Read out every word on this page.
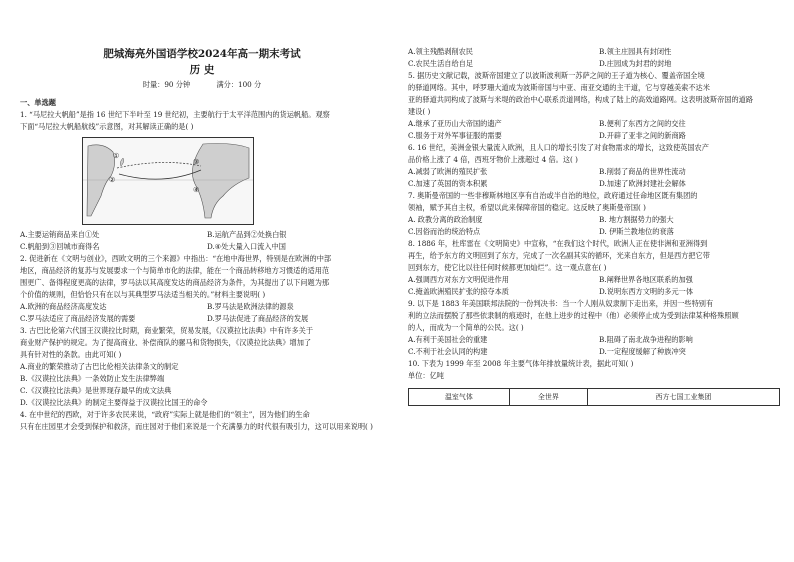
肥城海亮外国语学校2024年高一期末考试

历 史

时量：90 分钟	满分：100 分

一、单选题

1. “马尼拉大帆船”是指 16 世纪下半叶至 19 世纪初，主要航行于太平洋范围内的货运帆船。观察

下面“马尼拉大帆船航线”示意图，对其解读正确的是( )

①
②
③
④

A.主要运销商品来自①处	B.运航产品到②处换白银

C.帆船到③回城市商得名	D.④处大量入口流入中国

2. 促进新在《文明与创业》，西欧文明的三个来源》中指出：“在地中海世界，特别是在欧洲的中部

地区，商品经济的复苏与发展要求一个与简单市化的法律，能在一个商品转移地方习惯适的适用范

围更广、备得程度更高的法律，罗马法以其高度发达的商品经济为条件，为其提出了以下问题为那

个价值的规则，但恰恰只有在以与其典型罗马法适当相关的。”材料主要说明( )

A.欧洲的商品经济高度发达	B.罗马法是欧洲法律的源泉

C.罗马法适应了商品经济发展的需要	D.罗马法促进了商品经济的发展

3. 古巴比伦第六代国王汉谟拉比时期，商业繁荣，贸易发展，《汉谟拉比法典》中有许多关于

商业财产保护的规定。为了提高商业、补偿商队的骡马和货物损失，《汉谟拉比法典》增加了

具有针对性的条款。由此可知( )

A.商业的繁荣推动了古巴比伦相关法律条文的制定

B.《汉谟拉比法典》一条效防止发生法律弊端

C.《汉谟拉比法典》是世界现存最早的成文法典

D.《汉谟拉比法典》的制定主要得益于汉谟拉比国王的命令

4. 在中世纪的西欧，对于许多农民来说，“政府”实际上就是他们的“领主”，因为他们的生命

只有在庄园里才会受到保护和救济，而庄园对于他们来说是一个充满暴力的时代很有吸引力，这可以用来说明( )

A.领主残酷剥削农民	B.领主庄园具有封闭性

C.农民生活自给自足	D.庄园成为封君的封地

5. 据历史文献记载，波斯帝国建立了以波斯波利斯一苏萨之间的王子道为核心、覆盖帝国全境

的驿道网络。其中，呼罗珊大道成为波斯帝国与中亚、南亚交通的主干道，它与穿越美索不达米

亚的驿道共同构成了波斯与米堤的政治中心联系贡道网络，构成了陆上的高效道路网。这表明波斯帝国的道路

建设( )

A.继承了亚历山大帝国的遗产	B.便利了东西方之间的交往

C.服务于对外军事征服的需要	D.开辟了亚非之间的新商路

6. 16 世纪，美洲金银大量流入欧洲，且人口的增长引发了对食物需求的增长，这致使英国农产

品价格上涨了 4 倍，西班牙物价上涨超过 4 倍。这( )

A.减弱了欧洲的殖民扩张	B.削弱了商品的世界性流动

C.加速了英国的资本积累	D.加速了欧洲封建社会解体

7. 奥斯曼帝国的一些非穆斯林地区享有自治或半自治的地位，政府通过任命地区既有集团的

领袖，赋予其自主权，希望以此来保障帝国的稳定。这反映了奥斯曼帝国( )

A. 政教分离的政治制度	B. 地方割据势力的强大

C.因俗而治的统治特点	D. 伊斯兰教地位的衰落

8. 1886 年，杜库雷在《文明简史》中宣称，“在我们这个时代，欧洲人正在使非洲和亚洲得到

再生，给予东方的文明回到了东方，完成了一次名副其实的循环，光来自东方，但是西方把它带

回到东方，使它比以往任何时候都更加灿烂”。这一观点意在( )

A.强调西方对东方文明促进作用	B.阐释世界各地区联系的加强

C.掩盖欧洲殖民扩张的掠夺本质	D.说明东西方文明的多元一体

9. 以下是 1883 年美国联邦法院的一份判决书：当一个人刚从奴隶制下走出来，并因一些特别有

利的立法而摆脱了那些依隶制的痕迹时，在他上进步的过程中（他）必须停止成为受到法律某种格殊照顾

的人，而成为一个简单的公民。这( )

A.有利于美国社会的重建	B.阻碍了南北战争进程的影响

C.不利于社会认同的构建	D.一定程度缓解了种族冲突

10. 下表为 1999 年至 2008 年主要气体年排放量统计表，据此可知( )

单位：亿吨

温室气体	全世界	西方七国工业集团
